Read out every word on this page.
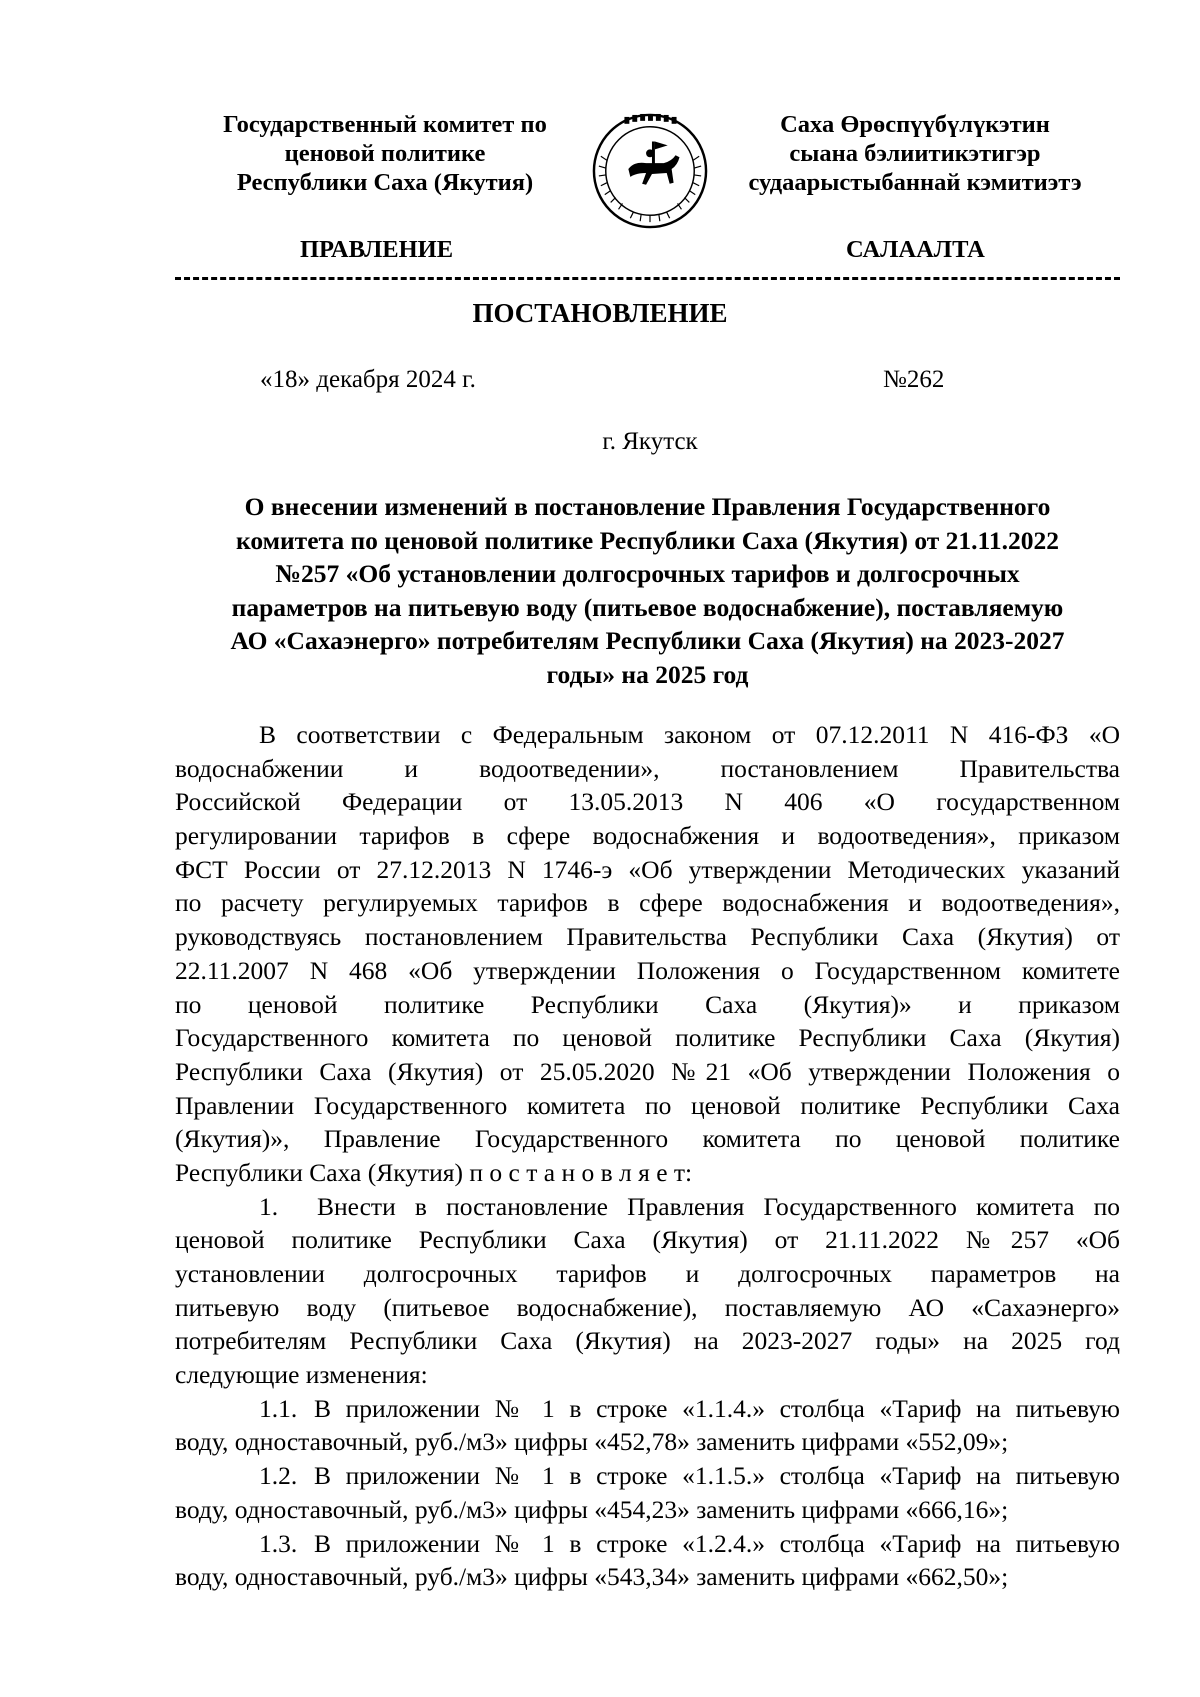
Государственный комитет по
ценовой политике
Республики Саха (Якутия)
Саха Өрөспүүбүлүкэтин
сыана бэлиитикэтигэр
судаарыстыбаннай кэмитиэтэ
ПРАВЛЕНИЕ	САЛААЛТА
ПОСТАНОВЛЕНИЕ
«18» декабря 2024 г.	№262
г. Якутск
О внесении изменений в постановление Правления Государственного
комитета по ценовой политике Республики Саха (Якутия) от 21.11.2022
№257 «Об установлении долгосрочных тарифов и долгосрочных
параметров на питьевую воду (питьевое водоснабжение), поставляемую
АО «Сахаэнерго» потребителям Республики Саха (Якутия) на 2023-2027
годы» на 2025 год
В соответствии с Федеральным законом от 07.12.2011 N 416-ФЗ «О
водоснабжении и водоотведении», постановлением Правительства
Российской Федерации от 13.05.2013 N 406 «О государственном
регулировании тарифов в сфере водоснабжения и водоотведения», приказом
ФСТ России от 27.12.2013 N 1746-э «Об утверждении Методических указаний
по расчету регулируемых тарифов в сфере водоснабжения и водоотведения»,
руководствуясь постановлением Правительства Республики Саха (Якутия) от
22.11.2007 N 468 «Об утверждении Положения о Государственном комитете
по ценовой политике Республики Саха (Якутия)» и приказом
Государственного комитета по ценовой политике Республики Саха (Якутия)
Республики Саха (Якутия) от 25.05.2020 №21 «Об утверждении Положения о
Правлении Государственного комитета по ценовой политике Республики Саха
(Якутия)», Правление Государственного комитета по ценовой политике
Республики Саха (Якутия) п о с т а н о в л я е т:
1.	Внести в постановление Правления Государственного комитета по
ценовой политике Республики Саха (Якутия) от 21.11.2022 №257 «Об
установлении долгосрочных тарифов и долгосрочных параметров на
питьевую воду (питьевое водоснабжение), поставляемую АО «Сахаэнерго»
потребителям Республики Саха (Якутия) на 2023-2027 годы» на 2025 год
следующие изменения:
1.1. В приложении № 1 в строке «1.1.4.» столбца «Тариф на питьевую
воду, одноставочный, руб./м3» цифры «452,78» заменить цифрами «552,09»;
1.2. В приложении № 1 в строке «1.1.5.» столбца «Тариф на питьевую
воду, одноставочный, руб./м3» цифры «454,23» заменить цифрами «666,16»;
1.3. В приложении № 1 в строке «1.2.4.» столбца «Тариф на питьевую
воду, одноставочный, руб./м3» цифры «543,34» заменить цифрами «662,50»;
